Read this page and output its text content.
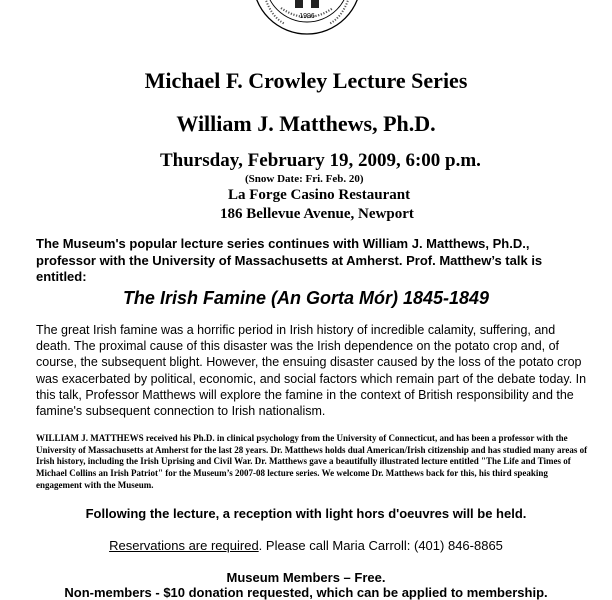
1996
Michael F. Crowley Lecture Series
William J. Matthews, Ph.D.
Thursday, February 19, 2009, 6:00 p.m.
(Snow Date: Fri. Feb. 20)
La Forge Casino Restaurant
186 Bellevue Avenue, Newport
The Museum's popular lecture series continues with William J. Matthews, Ph.D., professor with the University of Massachusetts at Amherst. Prof. Matthew’s talk is entitled:
The Irish Famine (An Gorta Mór) 1845-1849
The great Irish famine was a horrific period in Irish history of incredible calamity, suffering, and death. The proximal cause of this disaster was the Irish dependence on the potato crop and, of course, the subsequent blight. However, the ensuing disaster caused by the loss of the potato crop was exacerbated by political, economic, and social factors which remain part of the debate today. In this talk, Professor Matthews will explore the famine in the context of British responsibility and the famine's subsequent connection to Irish nationalism.
WILLIAM J. MATTHEWS received his Ph.D. in clinical psychology from the University of Connecticut, and has been a professor with the University of Massachusetts at Amherst for the last 28 years. Dr. Matthews holds dual American/Irish citizenship and has studied many areas of Irish history, including the Irish Uprising and Civil War. Dr. Matthews gave a beautifully illustrated lecture entitled "The Life and Times of Michael Collins an Irish Patriot" for the Museum’s 2007-08 lecture series. We welcome Dr. Matthews back for this, his third speaking engagement with the Museum.
Following the lecture, a reception with light hors d'oeuvres will be held.
Reservations are required. Please call Maria Carroll: (401) 846-8865
Museum Members – Free.
Non-members - $10 donation requested, which can be applied to membership.
